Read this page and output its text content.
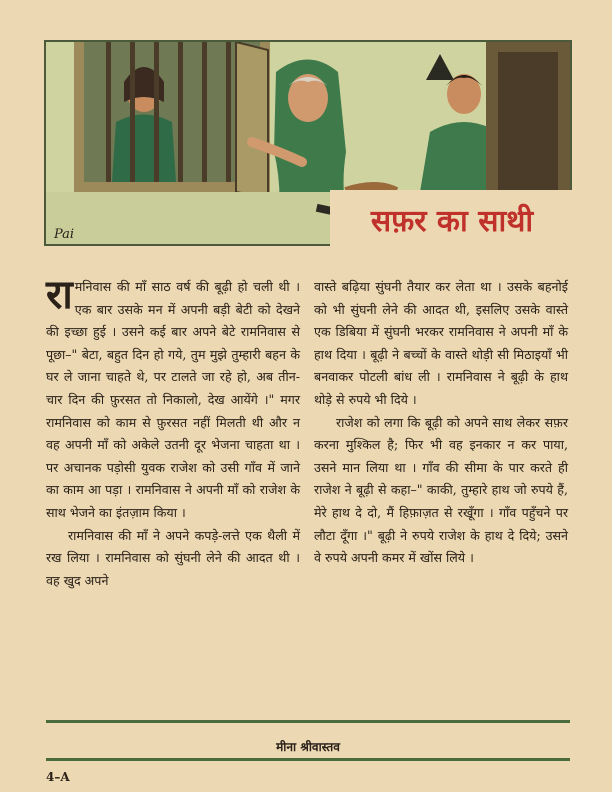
Pai	सफ़र का साथी

रामनिवास की माँ साठ वर्ष की बूढ़ी हो चली थी । एक बार उसके मन में अपनी बड़ी बेटी को देखने की इच्छा हुई । उसने कई बार अपने बेटे रामनिवास से पूछा–" बेटा, बहुत दिन हो गये, तुम मुझे तुम्हारी बहन के घर ले जाना चाहते थे, पर टालते जा रहे हो, अब तीन-चार दिन की फ़ुरसत तो निकालो, देख आयेंगे ।" मगर रामनिवास को काम से फ़ुरसत नहीं मिलती थी और न वह अपनी माँ को अकेले उतनी दूर भेजना चाहता था । पर अचानक पड़ोसी युवक राजेश को उसी गाँव में जाने का काम आ पड़ा । रामनिवास ने अपनी माँ को राजेश के साथ भेजने का इंतज़ाम किया ।

रामनिवास की माँ ने अपने कपड़े-लत्ते एक थैली में रख लिया । रामनिवास को सुंघनी लेने की आदत थी । वह खुद अपने

वास्ते बढ़िया सुंघनी तैयार कर लेता था । उसके बहनोई को भी सुंघनी लेने की आदत थी, इसलिए उसके वास्ते एक डिबिया में सुंघनी भरकर रामनिवास ने अपनी माँ के हाथ दिया । बूढ़ी ने बच्चों के वास्ते थोड़ी सी मिठाइयाँ भी बनवाकर पोटली बांध ली । रामनिवास ने बूढ़ी के हाथ थोड़े से रुपये भी दिये ।

राजेश को लगा कि बूढ़ी को अपने साथ लेकर सफ़र करना मुश्किल है; फिर भी वह इनकार न कर पाया, उसने मान लिया था । गाँव की सीमा के पार करते ही राजेश ने बूढ़ी से कहा–" काकी, तुम्हारे हाथ जो रुपये हैं, मेरे हाथ दे दो, मैं हिफ़ाज़त से रखूँगा । गाँव पहुँचने पर लौटा दूँगा ।" बूढ़ी ने रुपये राजेश के हाथ दे दिये; उसने वे रुपये अपनी कमर में खोंस लिये ।

मीना श्रीवास्तव
4–A
